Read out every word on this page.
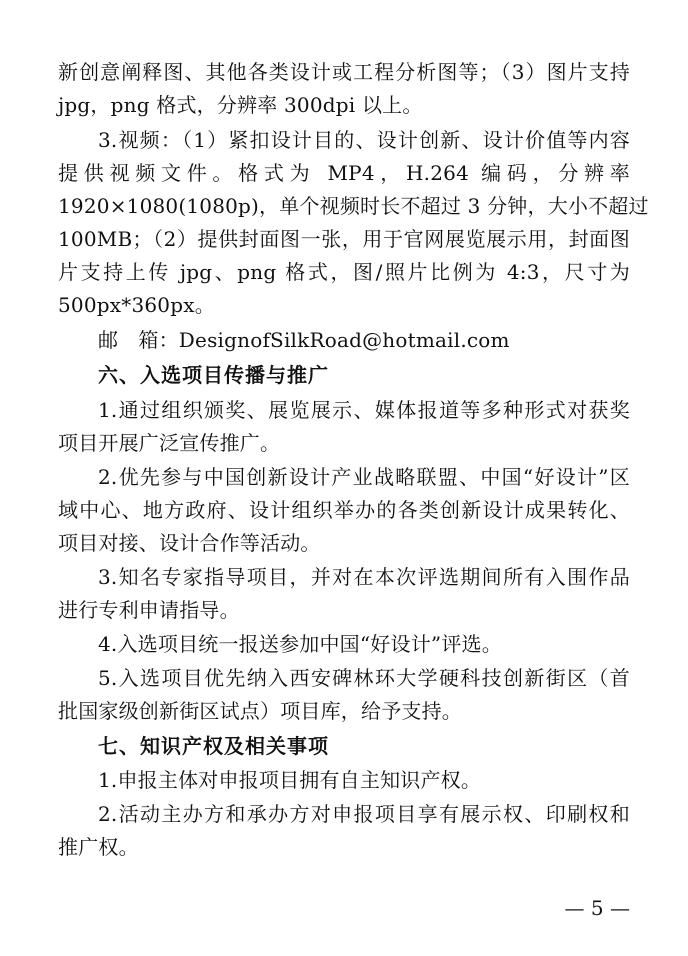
新创意阐释图、其他各类设计或工程分析图等；（3）图片支持
jpg，png 格式，分辨率 300dpi 以上。
3.视频：（1）紧扣设计目的、设计创新、设计价值等内容
提供视频文件。格式为 MP4，H.264 编码，分辨率
1920×1080(1080p)，单个视频时长不超过 3 分钟，大小不超过
100MB；（2）提供封面图一张，用于官网展览展示用，封面图
片支持上传 jpg、png 格式，图/照片比例为 4:3，尺寸为
500px*360px。
邮　箱：DesignofSilkRoad@hotmail.com
六、入选项目传播与推广
1.通过组织颁奖、展览展示、媒体报道等多种形式对获奖
项目开展广泛宣传推广。
2.优先参与中国创新设计产业战略联盟、中国“好设计”区
域中心、地方政府、设计组织举办的各类创新设计成果转化、
项目对接、设计合作等活动。
3.知名专家指导项目，并对在本次评选期间所有入围作品
进行专利申请指导。
4.入选项目统一报送参加中国“好设计”评选。
5.入选项目优先纳入西安碑林环大学硬科技创新街区（首
批国家级创新街区试点）项目库，给予支持。
七、知识产权及相关事项
1.申报主体对申报项目拥有自主知识产权。
2.活动主办方和承办方对申报项目享有展示权、印刷权和
推广权。
— 5 —
